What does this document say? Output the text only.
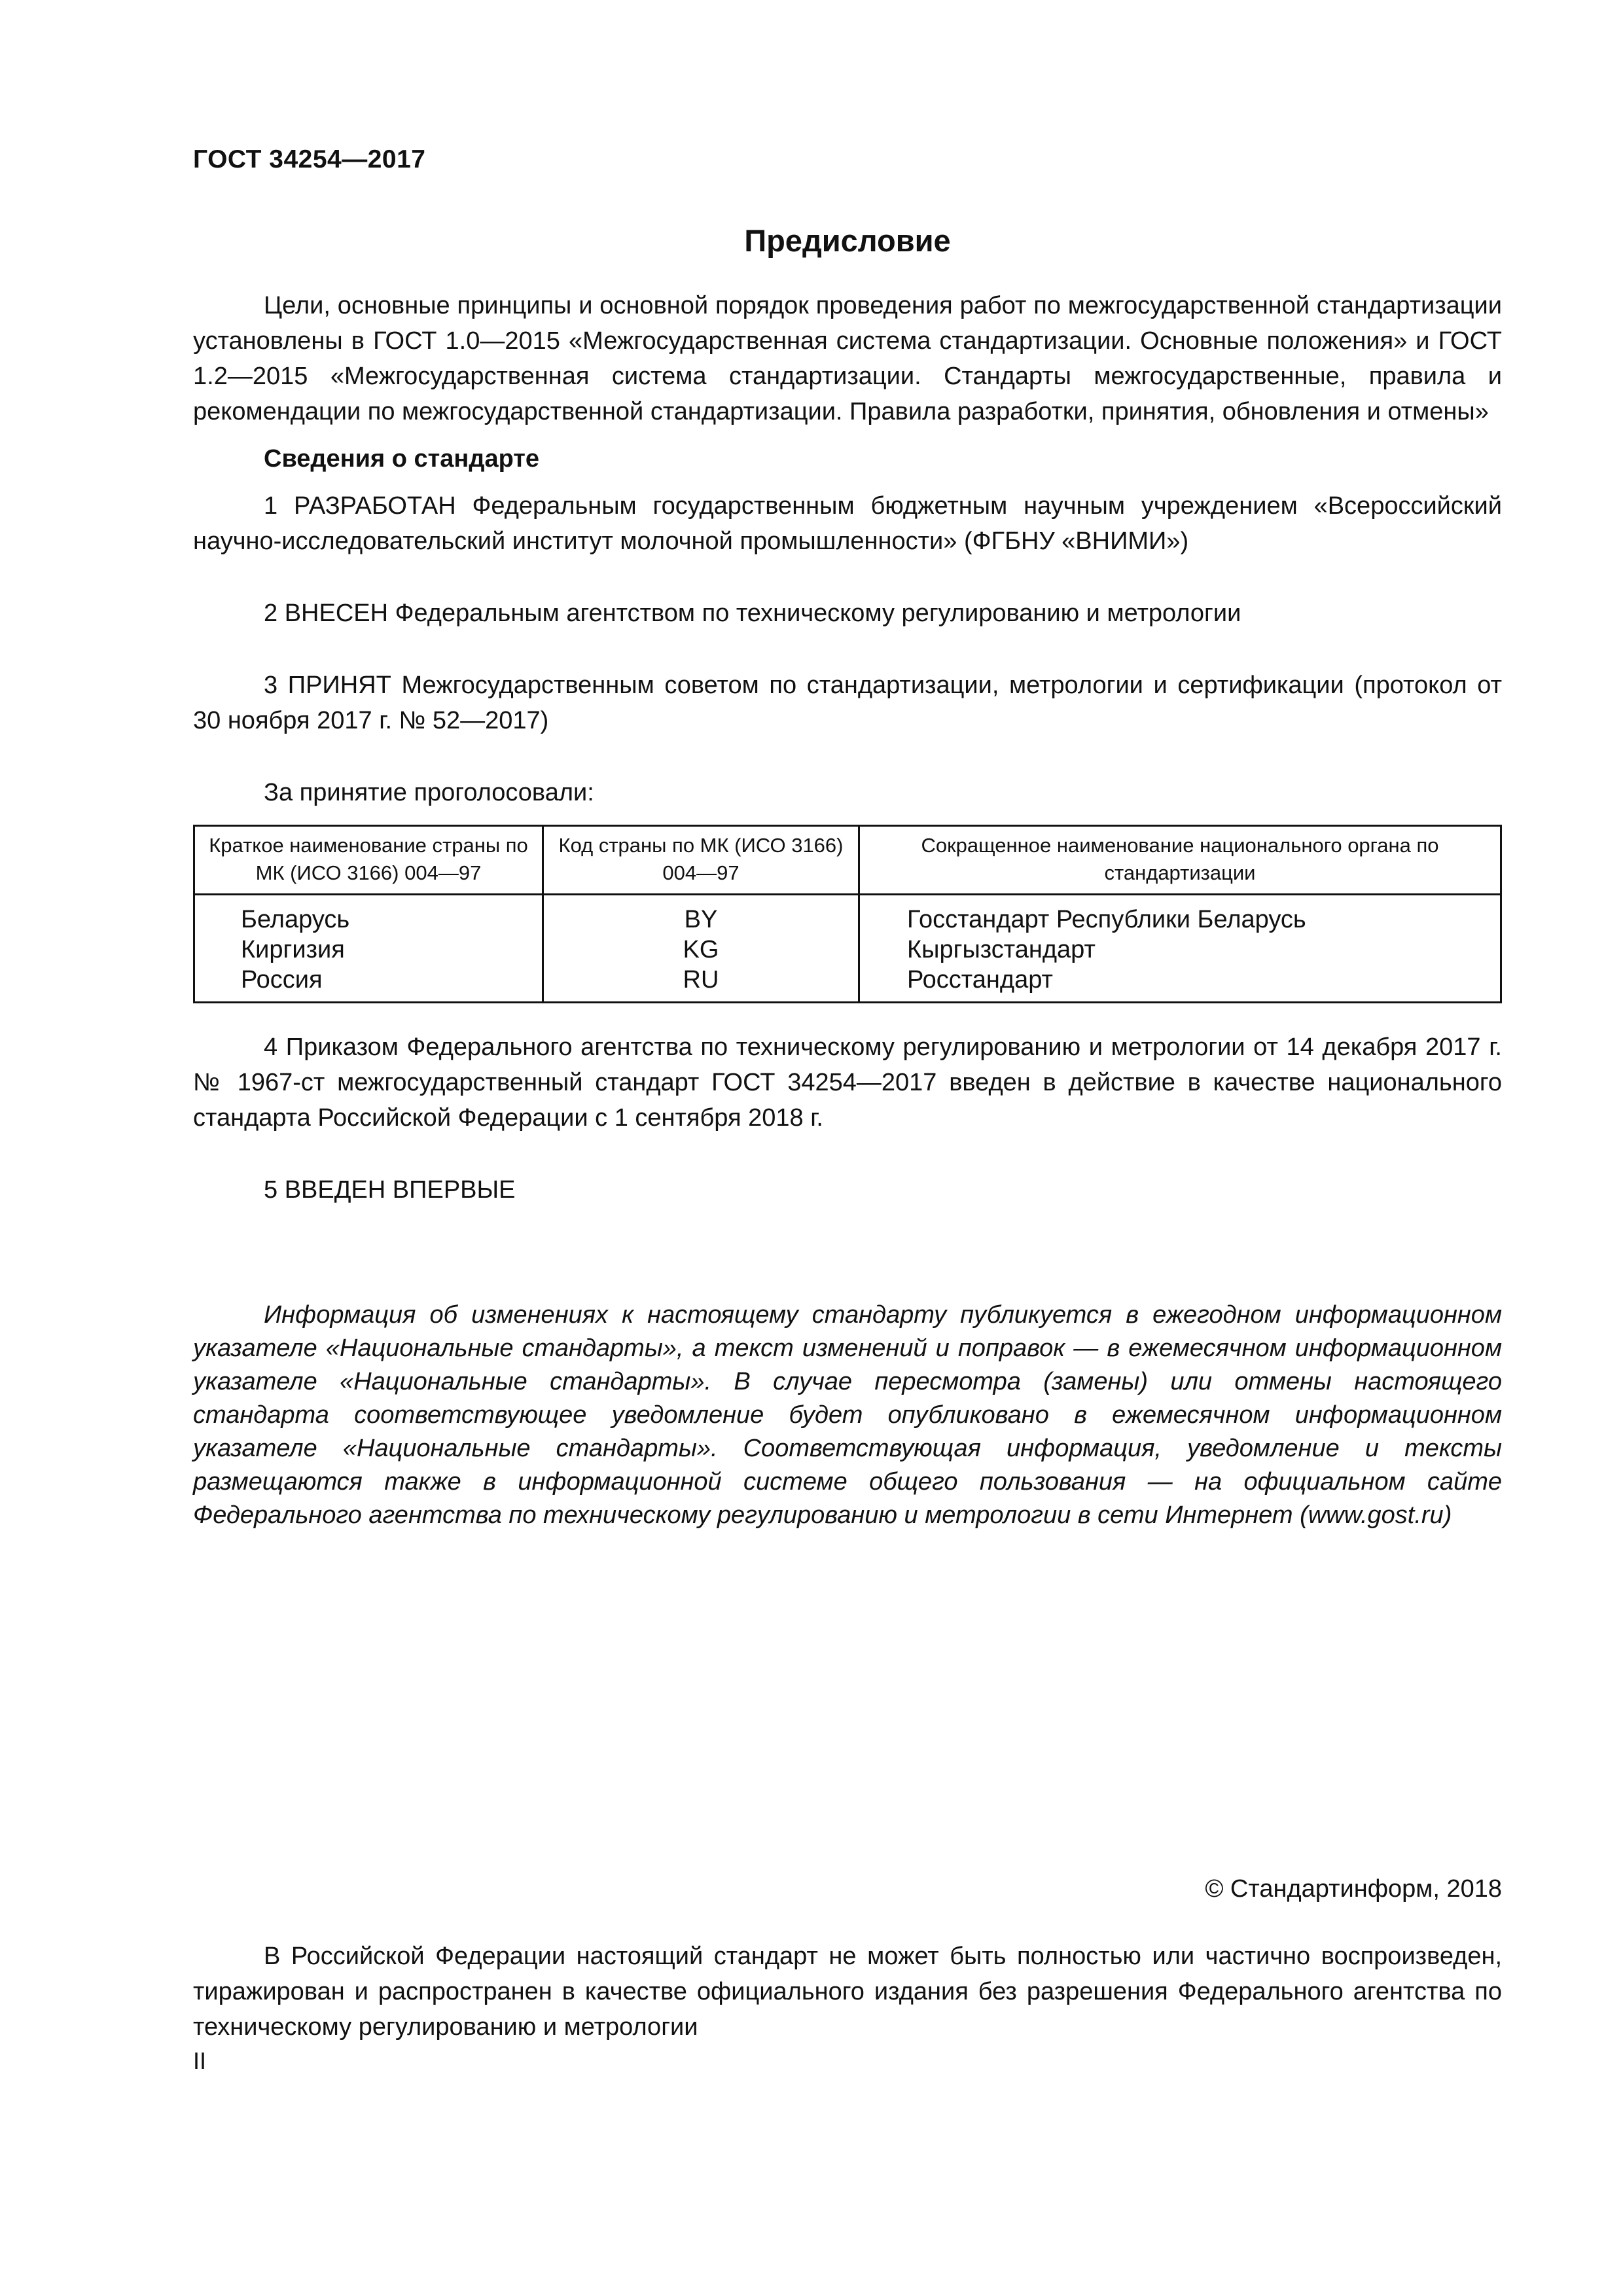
ГОСТ 34254—2017
Предисловие

Цели, основные принципы и основной порядок проведения работ по межгосударственной стандартизации установлены в ГОСТ 1.0—2015 «Межгосударственная система стандартизации. Основные положения» и ГОСТ 1.2—2015 «Межгосударственная система стандартизации. Стандарты межгосударственные, правила и рекомендации по межгосударственной стандартизации. Правила разработки, принятия, обновления и отмены»

Сведения о стандарте

1 РАЗРАБОТАН Федеральным государственным бюджетным научным учреждением «Всероссийский научно-исследовательский институт молочной промышленности» (ФГБНУ «ВНИМИ»)

2 ВНЕСЕН Федеральным агентством по техническому регулированию и метрологии

3 ПРИНЯТ Межгосударственным советом по стандартизации, метрологии и сертификации (протокол от 30 ноября 2017 г. № 52—2017)

За принятие проголосовали:

Краткое наименование страны по МК (ИСО 3166) 004—97	Код страны по МК (ИСО 3166) 004—97	Сокращенное наименование национального органа по стандартизации
Беларусь	BY	Госстандарт Республики Беларусь
Киргизия	KG	Кыргызстандарт
Россия	RU	Росстандарт

4 Приказом Федерального агентства по техническому регулированию и метрологии от 14 декабря 2017 г. № 1967-ст межгосударственный стандарт ГОСТ 34254—2017 введен в действие в качестве национального стандарта Российской Федерации с 1 сентября 2018 г.

5 ВВЕДЕН ВПЕРВЫЕ

Информация об изменениях к настоящему стандарту публикуется в ежегодном информационном указателе «Национальные стандарты», а текст изменений и поправок — в ежемесячном информационном указателе «Национальные стандарты». В случае пересмотра (замены) или отмены настоящего стандарта соответствующее уведомление будет опубликовано в ежемесячном информационном указателе «Национальные стандарты». Соответствующая информация, уведомление и тексты размещаются также в информационной системе общего пользования — на официальном сайте Федерального агентства по техническому регулированию и метрологии в сети Интернет (www.gost.ru)

© Стандартинформ, 2018

В Российской Федерации настоящий стандарт не может быть полностью или частично воспроизведен, тиражирован и распространен в качестве официального издания без разрешения Федерального агентства по техническому регулированию и метрологии

II
